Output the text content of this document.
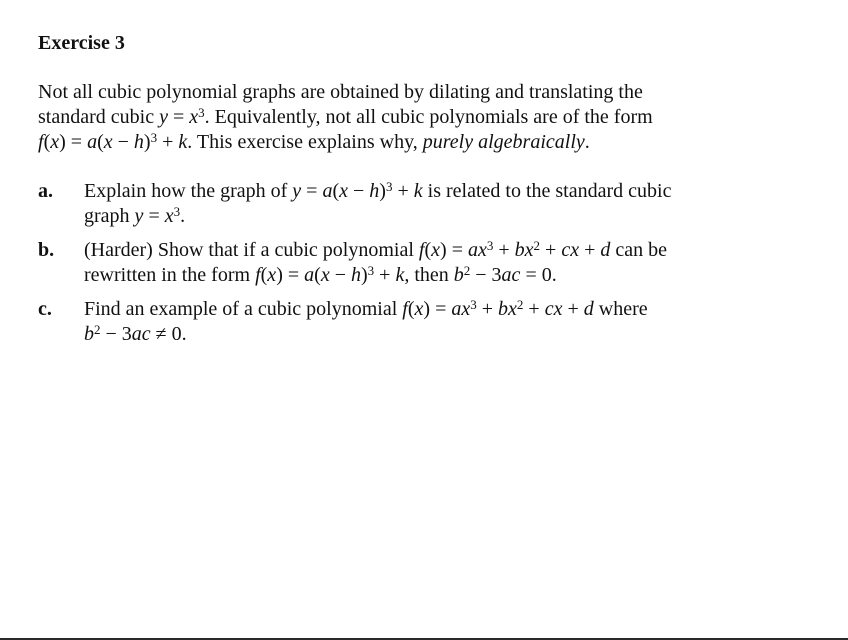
Exercise 3
Not all cubic polynomial graphs are obtained by dilating and translating the
standard cubic $y = x^3$. Equivalently, not all cubic polynomials are of the form
$f(x) = a(x - h)^3 + k$. This exercise explains why, purely algebraically.
a.	Explain how the graph of $y = a(x - h)^3 + k$ is related to the standard cubic
graph $y = x^3$.
b.	(Harder) Show that if a cubic polynomial $f(x) = ax^3 + bx^2$ + cx + d can be
rewritten in the form $f(x) = a(x - h)^3 + k$, then $b^2 - 3ac = 0$.
c.	Find an example of a cubic polynomial $f(x) = ax^3 + bx^2$ + cx + d where
$b^2 - 3ac \ne 0$.
